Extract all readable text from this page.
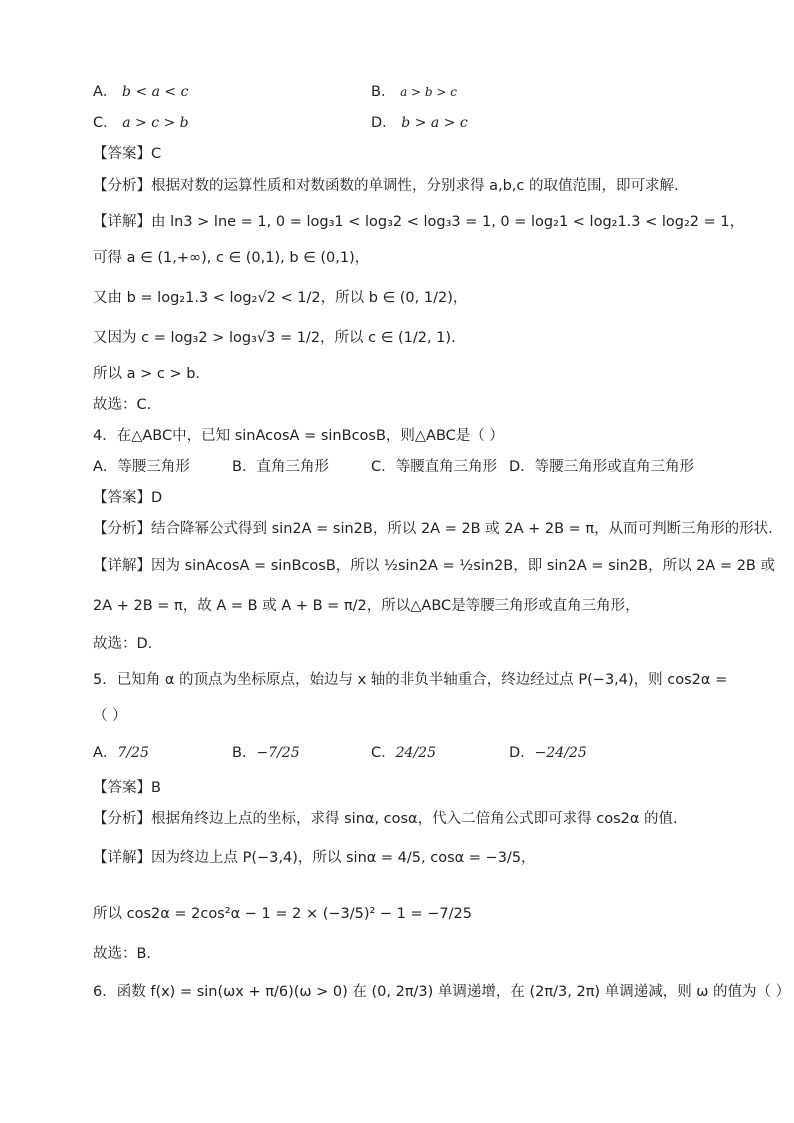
A． b < a < c	B． a > b > c
C． a > c > b	D． b > a > c
【答案】C
【分析】根据对数的运算性质和对数函数的单调性，分别求得 a,b,c 的取值范围，即可求解.
【详解】由 ln3 > lne = 1, 0 = log₃1 < log₃2 < log₃3 = 1, 0 = log₂1 < log₂1.3 < log₂2 = 1，
可得 a ∈ (1,+∞), c ∈ (0,1), b ∈ (0,1)，
又由 b = log₂1.3 < log₂√2 < 1/2，所以 b ∈ (0, 1/2)，
又因为 c = log₃2 > log₃√3 = 1/2，所以 c ∈ (1/2, 1).
所以 a > c > b．
故选：C.
4．在△ABC中，已知 sinAcosA = sinBcosB，则△ABC是（ ）
A．等腰三角形	B．直角三角形	C．等腰直角三角形 D．等腰三角形或直角三角形
【答案】D
【分析】结合降幂公式得到 sin2A = sin2B，所以 2A = 2B 或 2A + 2B = π，从而可判断三角形的形状.
【详解】因为 sinAcosA = sinBcosB，所以 ½sin2A = ½sin2B，即 sin2A = sin2B，所以 2A = 2B 或
2A + 2B = π，故 A = B 或 A + B = π/2，所以△ABC是等腰三角形或直角三角形，
故选：D.
5．已知角 α 的顶点为坐标原点，始边与 x 轴的非负半轴重合，终边经过点 P(−3,4)，则 cos2α =
（ ）
A．7/25	B．−7/25	C．24/25	D．−24/25
【答案】B
【分析】根据角终边上点的坐标，求得 sinα, cosα，代入二倍角公式即可求得 cos2α 的值.
【详解】因为终边上点 P(−3,4)，所以 sinα = 4/5, cosα = −3/5，
所以 cos2α = 2cos²α − 1 = 2 × (−3/5)² − 1 = −7/25
故选：B．
6．函数 f(x) = sin(ωx + π/6)(ω > 0) 在 (0, 2π/3) 单调递增，在 (2π/3, 2π) 单调递减，则 ω 的值为（ ）
